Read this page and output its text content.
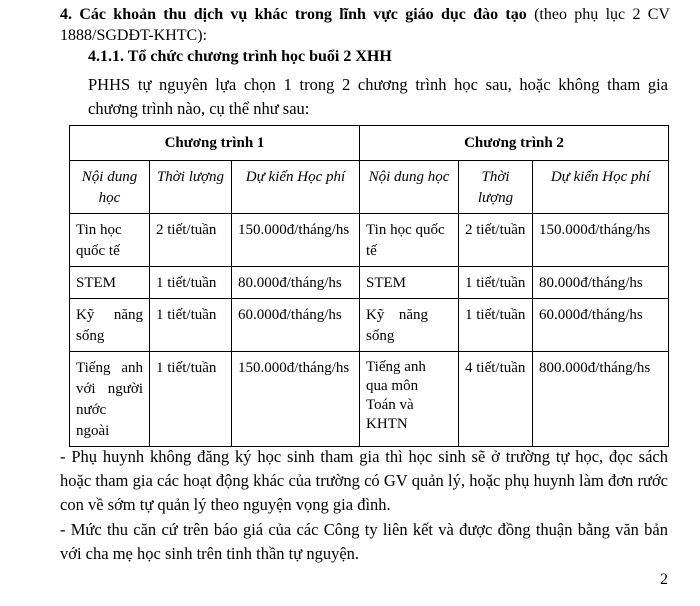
4. Các khoản thu dịch vụ khác trong lĩnh vực giáo dục đào tạo (theo phụ lục 2 CV 1888/SGDĐT-KHTC):
4.1.1. Tổ chức chương trình học buổi 2 XHH
PHHS tự nguyên lựa chọn 1 trong 2 chương trình học sau, hoặc không tham gia chương trình nào, cụ thể như sau:
Chương trình 1			Chương trình 2		
Nội dung học	Thời lượng	Dự kiến Học phí	Nội dung học	Thời lượng	Dự kiến Học phí
Tin học quốc tế	2 tiết/tuần	150.000đ/tháng/hs	Tin học quốc tế	2 tiết/tuần	150.000đ/tháng/hs
STEM	1 tiết/tuần	80.000đ/tháng/hs	STEM	1 tiết/tuần	80.000đ/tháng/hs
Kỹ năng sống	1 tiết/tuần	60.000đ/tháng/hs	Kỹ năng sống	1 tiết/tuần	60.000đ/tháng/hs
Tiếng anh với người nước ngoài	1 tiết/tuần	150.000đ/tháng/hs	Tiếng anh qua môn Toán và KHTN	4 tiết/tuần	800.000đ/tháng/hs
- Phụ huynh không đăng ký học sinh tham gia thì học sinh sẽ ở trường tự học, đọc sách hoặc tham gia các hoạt động khác của trường có GV quản lý, hoặc phụ huynh làm đơn rước con về sớm tự quản lý theo nguyện vọng gia đình.
- Mức thu căn cứ trên báo giá của các Công ty liên kết và được đồng thuận bằng văn bản với cha mẹ học sinh trên tinh thần tự nguyện.
2
